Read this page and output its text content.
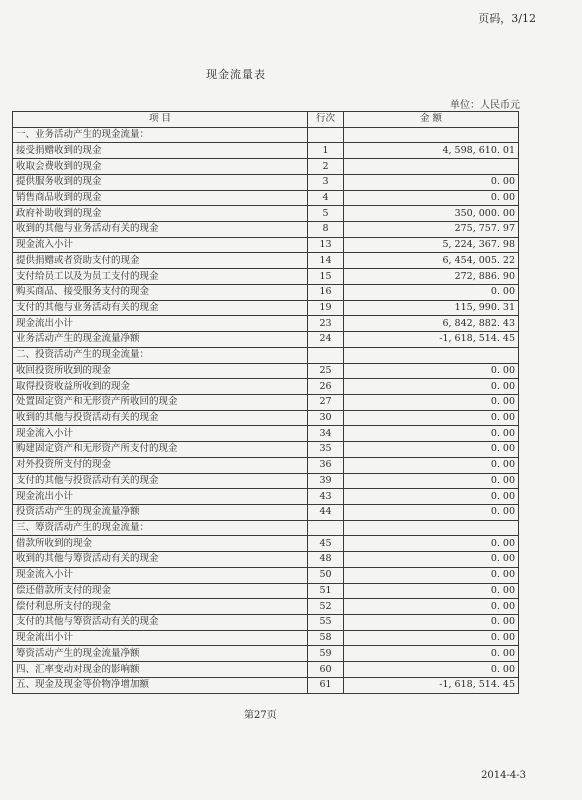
页码，3/12
现金流量表
单位：人民币元
项 目	行次	金 额
一、业务活动产生的现金流量：		
接受捐赠收到的现金	1	4, 598, 610. 01
收取会费收到的现金	2	
提供服务收到的现金	3	0. 00
销售商品收到的现金	4	0. 00
政府补助收到的现金	5	350, 000. 00
收到的其他与业务活动有关的现金	8	275, 757. 97
现金流入小计	13	5, 224, 367. 98
提供捐赠或者资助支付的现金	14	6, 454, 005. 22
支付给员工以及为员工支付的现金	15	272, 886. 90
购买商品、接受服务支付的现金	16	0. 00
支付的其他与业务活动有关的现金	19	115, 990. 31
现金流出小计	23	6, 842, 882. 43
业务活动产生的现金流量净额	24	-1, 618, 514. 45
二、投资活动产生的现金流量：		
收回投资所收到的现金	25	0. 00
取得投资收益所收到的现金	26	0. 00
处置固定资产和无形资产所收回的现金	27	0. 00
收到的其他与投资活动有关的现金	30	0. 00
现金流入小计	34	0. 00
购建固定资产和无形资产所支付的现金	35	0. 00
对外投资所支付的现金	36	0. 00
支付的其他与投资活动有关的现金	39	0. 00
现金流出小计	43	0. 00
投资活动产生的现金流量净额	44	0. 00
三、筹资活动产生的现金流量：		
借款所收到的现金	45	0. 00
收到的其他与筹资活动有关的现金	48	0. 00
现金流入小计	50	0. 00
偿还借款所支付的现金	51	0. 00
偿付利息所支付的现金	52	0. 00
支付的其他与筹资活动有关的现金	55	0. 00
现金流出小计	58	0. 00
筹资活动产生的现金流量净额	59	0. 00
四、汇率变动对现金的影响额	60	0. 00
五、现金及现金等价物净增加额	61	-1, 618, 514. 45
第27页
2014-4-3
